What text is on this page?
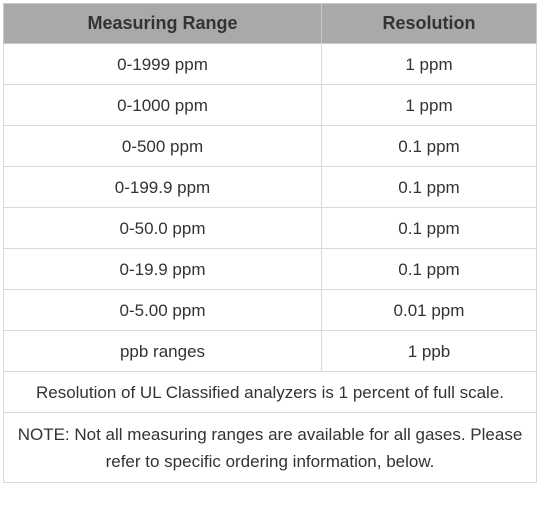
Measuring Range	Resolution
0-1999 ppm	1 ppm
0-1000 ppm	1 ppm
0-500 ppm	0.1 ppm
0-199.9 ppm	0.1 ppm
0-50.0 ppm	0.1 ppm
0-19.9 ppm	0.1 ppm
0-5.00 ppm	0.01 ppm
ppb ranges	1 ppb
Resolution of UL Classified analyzers is 1 percent of full scale.	
NOTE: Not all measuring ranges are available for all gases. Please refer to specific ordering information, below.	
